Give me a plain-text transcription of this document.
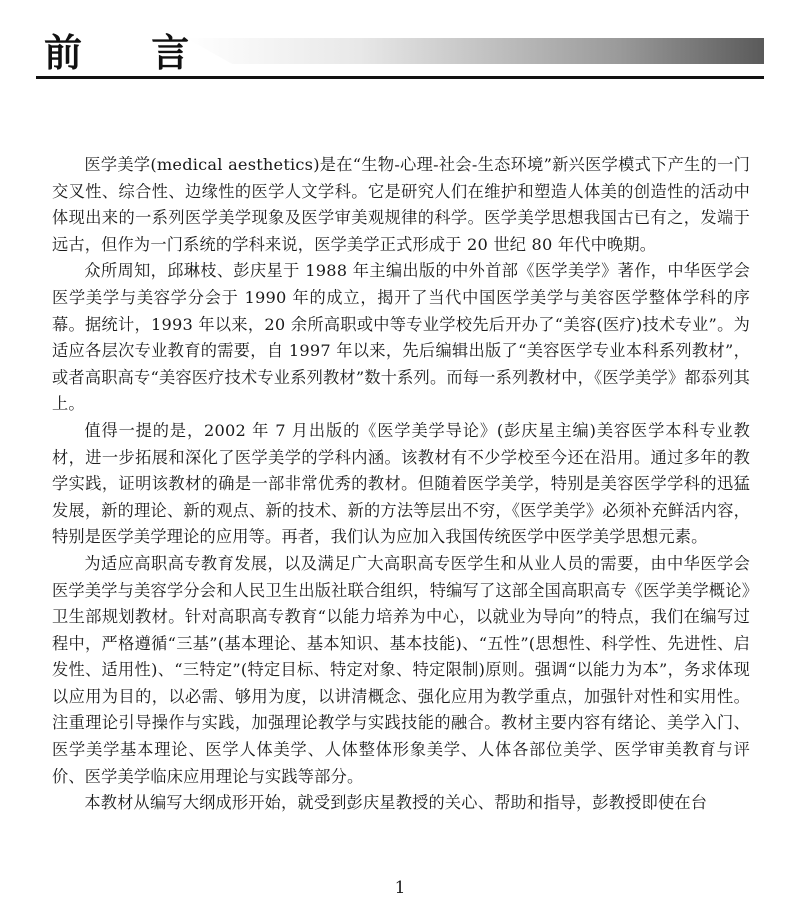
前 言

医学美学(medical aesthetics)是在“生物-心理-社会-生态环境”新兴医学模式下产生的一门交叉性、综合性、边缘性的医学人文学科。它是研究人们在维护和塑造人体美的创造性的活动中体现出来的一系列医学美学现象及医学审美观规律的科学。医学美学思想我国古已有之，发端于远古，但作为一门系统的学科来说，医学美学正式形成于 20 世纪 80 年代中晚期。

众所周知，邱琳枝、彭庆星于 1988 年主编出版的中外首部《医学美学》著作，中华医学会医学美学与美容学分会于 1990 年的成立，揭开了当代中国医学美学与美容医学整体学科的序幕。据统计，1993 年以来，20 余所高职或中等专业学校先后开办了“美容(医疗)技术专业”。为适应各层次专业教育的需要，自 1997 年以来，先后编辑出版了“美容医学专业本科系列教材”，或者高职高专“美容医疗技术专业系列教材”数十系列。而每一系列教材中，《医学美学》都忝列其上。

值得一提的是，2002 年 7 月出版的《医学美学导论》(彭庆星主编)美容医学本科专业教材，进一步拓展和深化了医学美学的学科内涵。该教材有不少学校至今还在沿用。通过多年的教学实践，证明该教材的确是一部非常优秀的教材。但随着医学美学，特别是美容医学学科的迅猛发展，新的理论、新的观点、新的技术、新的方法等层出不穷，《医学美学》必须补充鲜活内容，特别是医学美学理论的应用等。再者，我们认为应加入我国传统医学中医学美学思想元素。

为适应高职高专教育发展，以及满足广大高职高专医学生和从业人员的需要，由中华医学会医学美学与美容学分会和人民卫生出版社联合组织，特编写了这部全国高职高专《医学美学概论》卫生部规划教材。针对高职高专教育“以能力培养为中心，以就业为导向”的特点，我们在编写过程中，严格遵循“三基”(基本理论、基本知识、基本技能)、“五性”(思想性、科学性、先进性、启发性、适用性)、“三特定”(特定目标、特定对象、特定限制)原则。强调“以能力为本”，务求体现以应用为目的，以必需、够用为度，以讲清概念、强化应用为教学重点，加强针对性和实用性。注重理论引导操作与实践，加强理论教学与实践技能的融合。教材主要内容有绪论、美学入门、医学美学基本理论、医学人体美学、人体整体形象美学、人体各部位美学、医学审美教育与评价、医学美学临床应用理论与实践等部分。

本教材从编写大纲成形开始，就受到彭庆星教授的关心、帮助和指导，彭教授即使在台

1
